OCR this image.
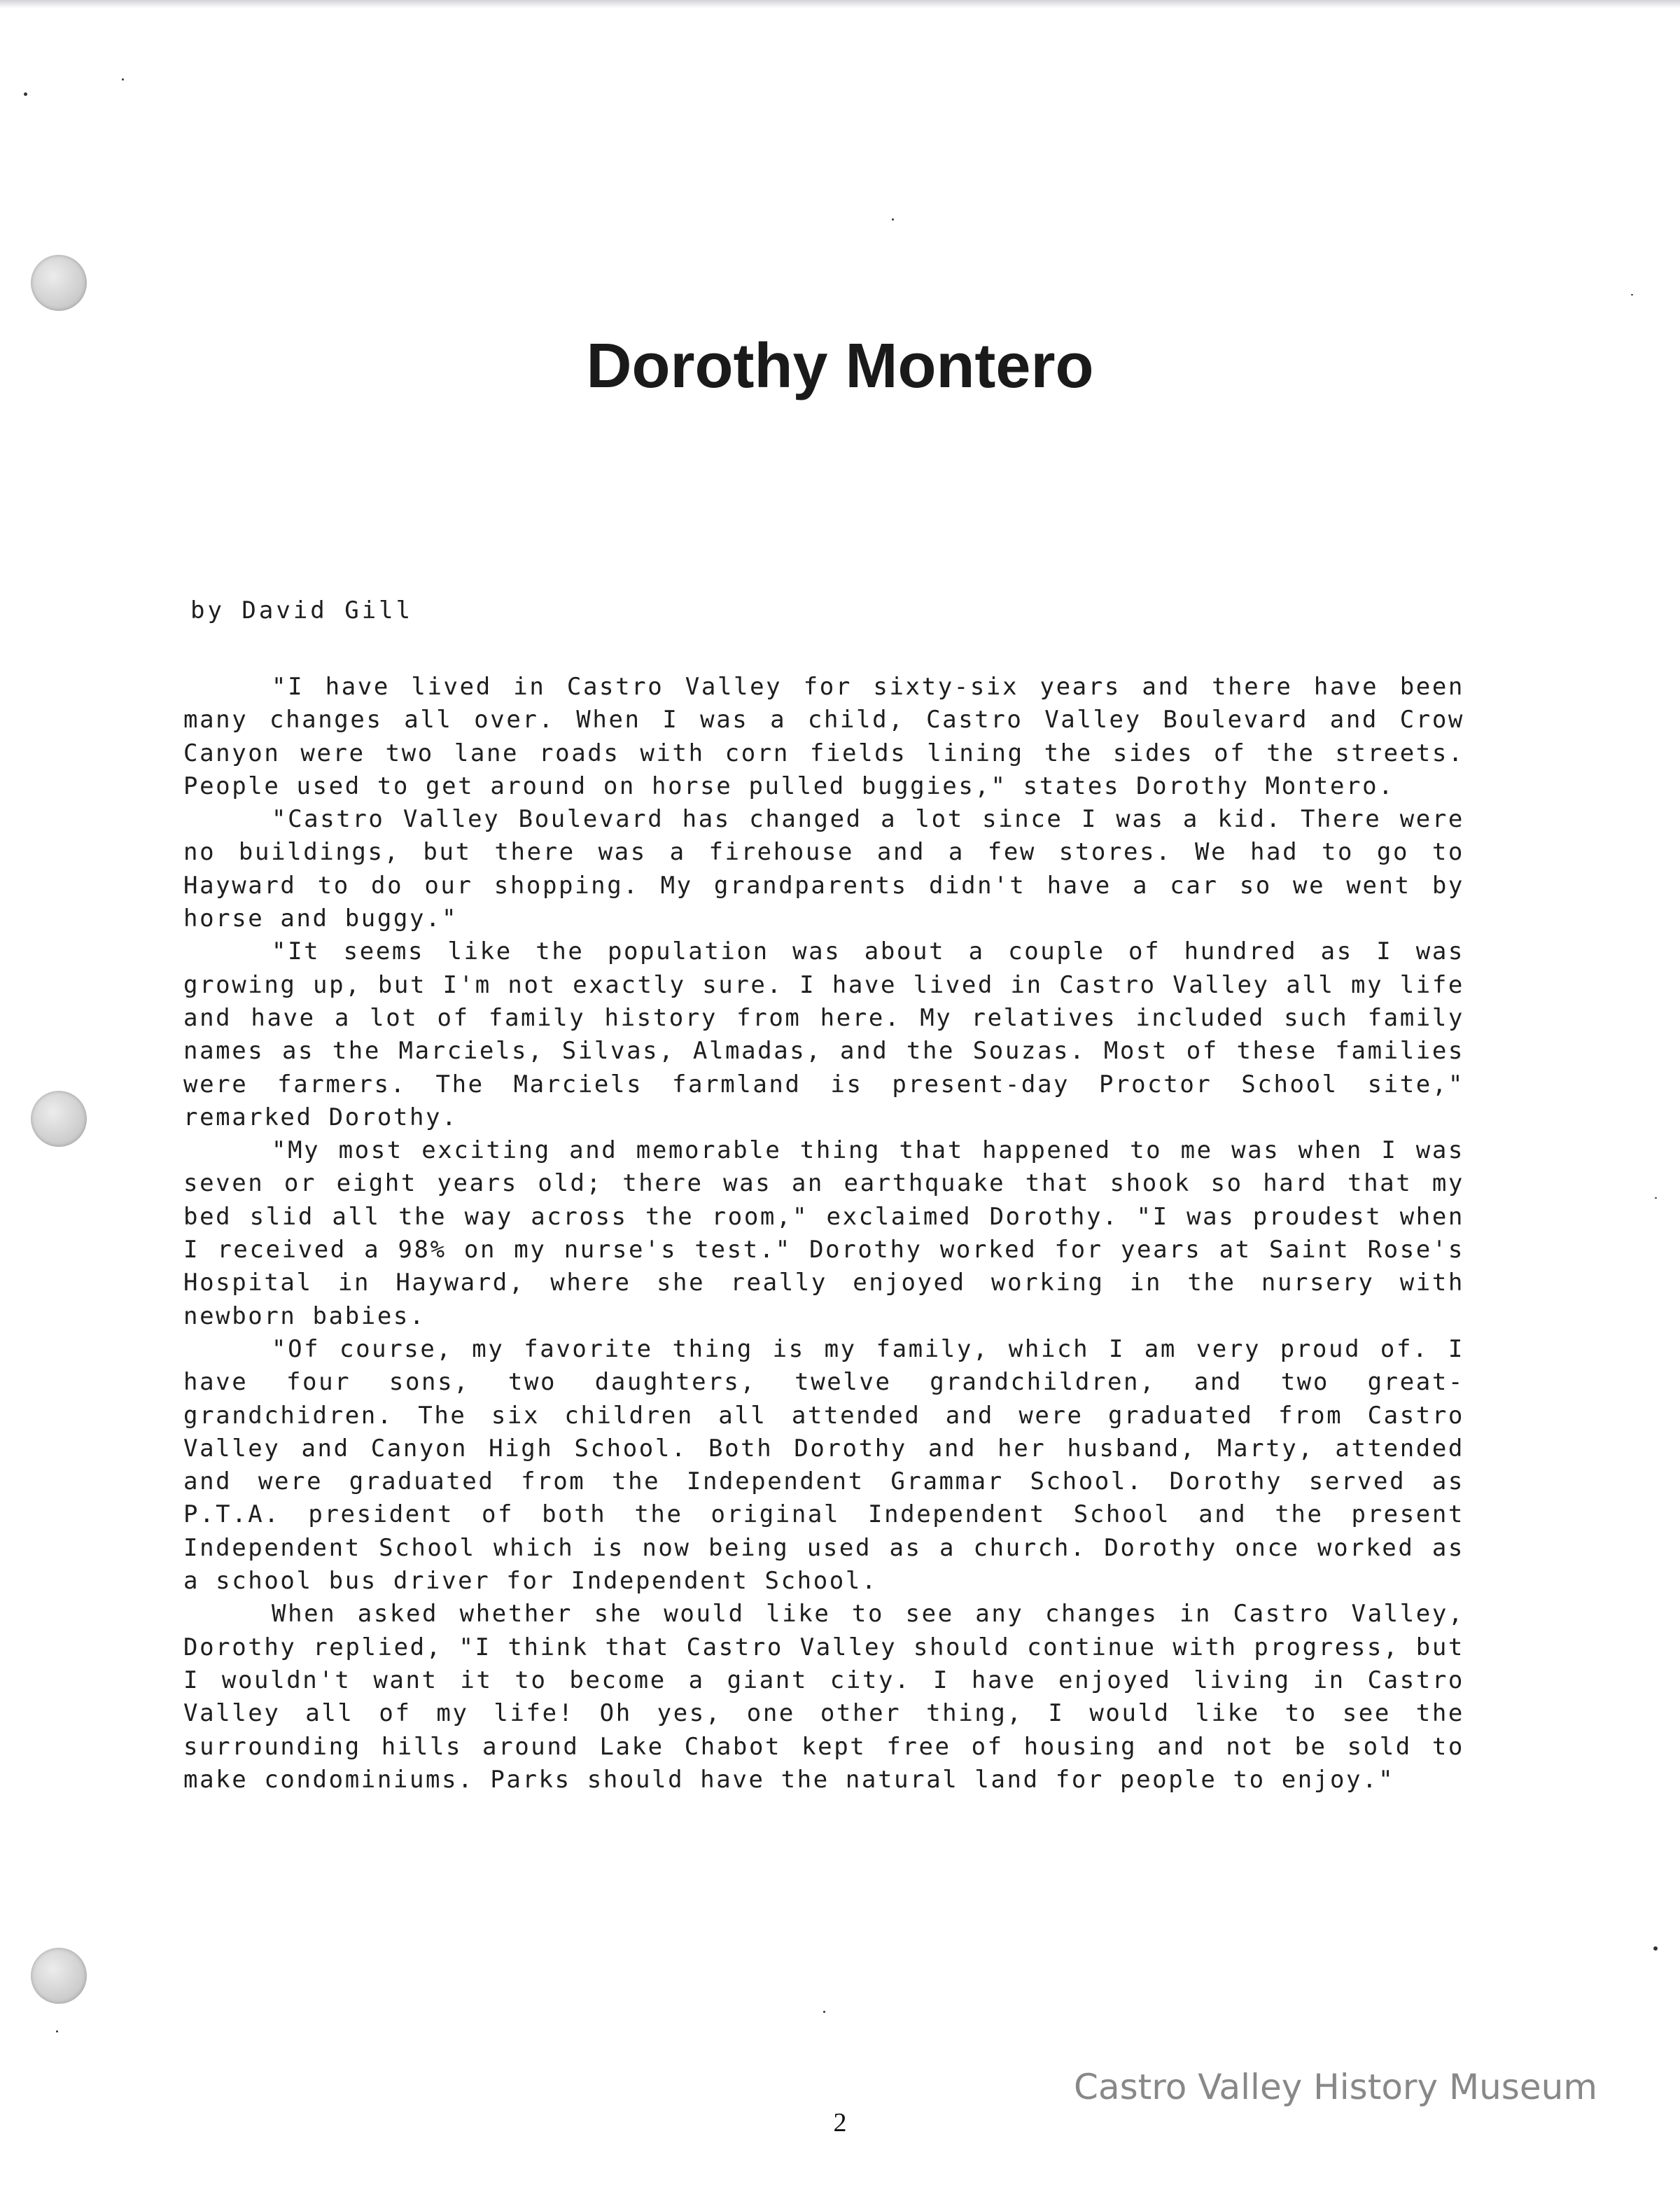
Dorothy Montero
by David Gill

"I have lived in Castro Valley for sixty-six years and there have been many changes all over. When I was a child, Castro Valley Boulevard and Crow Canyon were two lane roads with corn fields lining the sides of the streets. People used to get around on horse pulled buggies," states Dorothy Montero.

"Castro Valley Boulevard has changed a lot since I was a kid. There were no buildings, but there was a firehouse and a few stores. We had to go to Hayward to do our shopping. My grandparents didn't have a car so we went by horse and buggy."

"It seems like the population was about a couple of hundred as I was growing up, but I'm not exactly sure. I have lived in Castro Valley all my life and have a lot of family history from here. My relatives included such family names as the Marciels, Silvas, Almadas, and the Souzas. Most of these families were farmers. The Marciels farmland is present-day Proctor School site," remarked Dorothy.

"My most exciting and memorable thing that happened to me was when I was seven or eight years old; there was an earthquake that shook so hard that my bed slid all the way across the room," exclaimed Dorothy. "I was proudest when I received a 98% on my nurse's test." Dorothy worked for years at Saint Rose's Hospital in Hayward, where she really enjoyed working in the nursery with newborn babies.

"Of course, my favorite thing is my family, which I am very proud of. I have four sons, two daughters, twelve grandchildren, and two great-grandchidren. The six children all attended and were graduated from Castro Valley and Canyon High School. Both Dorothy and her husband, Marty, attended and were graduated from the Independent Grammar School. Dorothy served as P.T.A. president of both the original Independent School and the present Independent School which is now being used as a church. Dorothy once worked as a school bus driver for Independent School.

When asked whether she would like to see any changes in Castro Valley, Dorothy replied, "I think that Castro Valley should continue with progress, but I wouldn't want it to become a giant city. I have enjoyed living in Castro Valley all of my life! Oh yes, one other thing, I would like to see the surrounding hills around Lake Chabot kept free of housing and not be sold to make condominiums. Parks should have the natural land for people to enjoy."

Castro Valley History Museum
2
